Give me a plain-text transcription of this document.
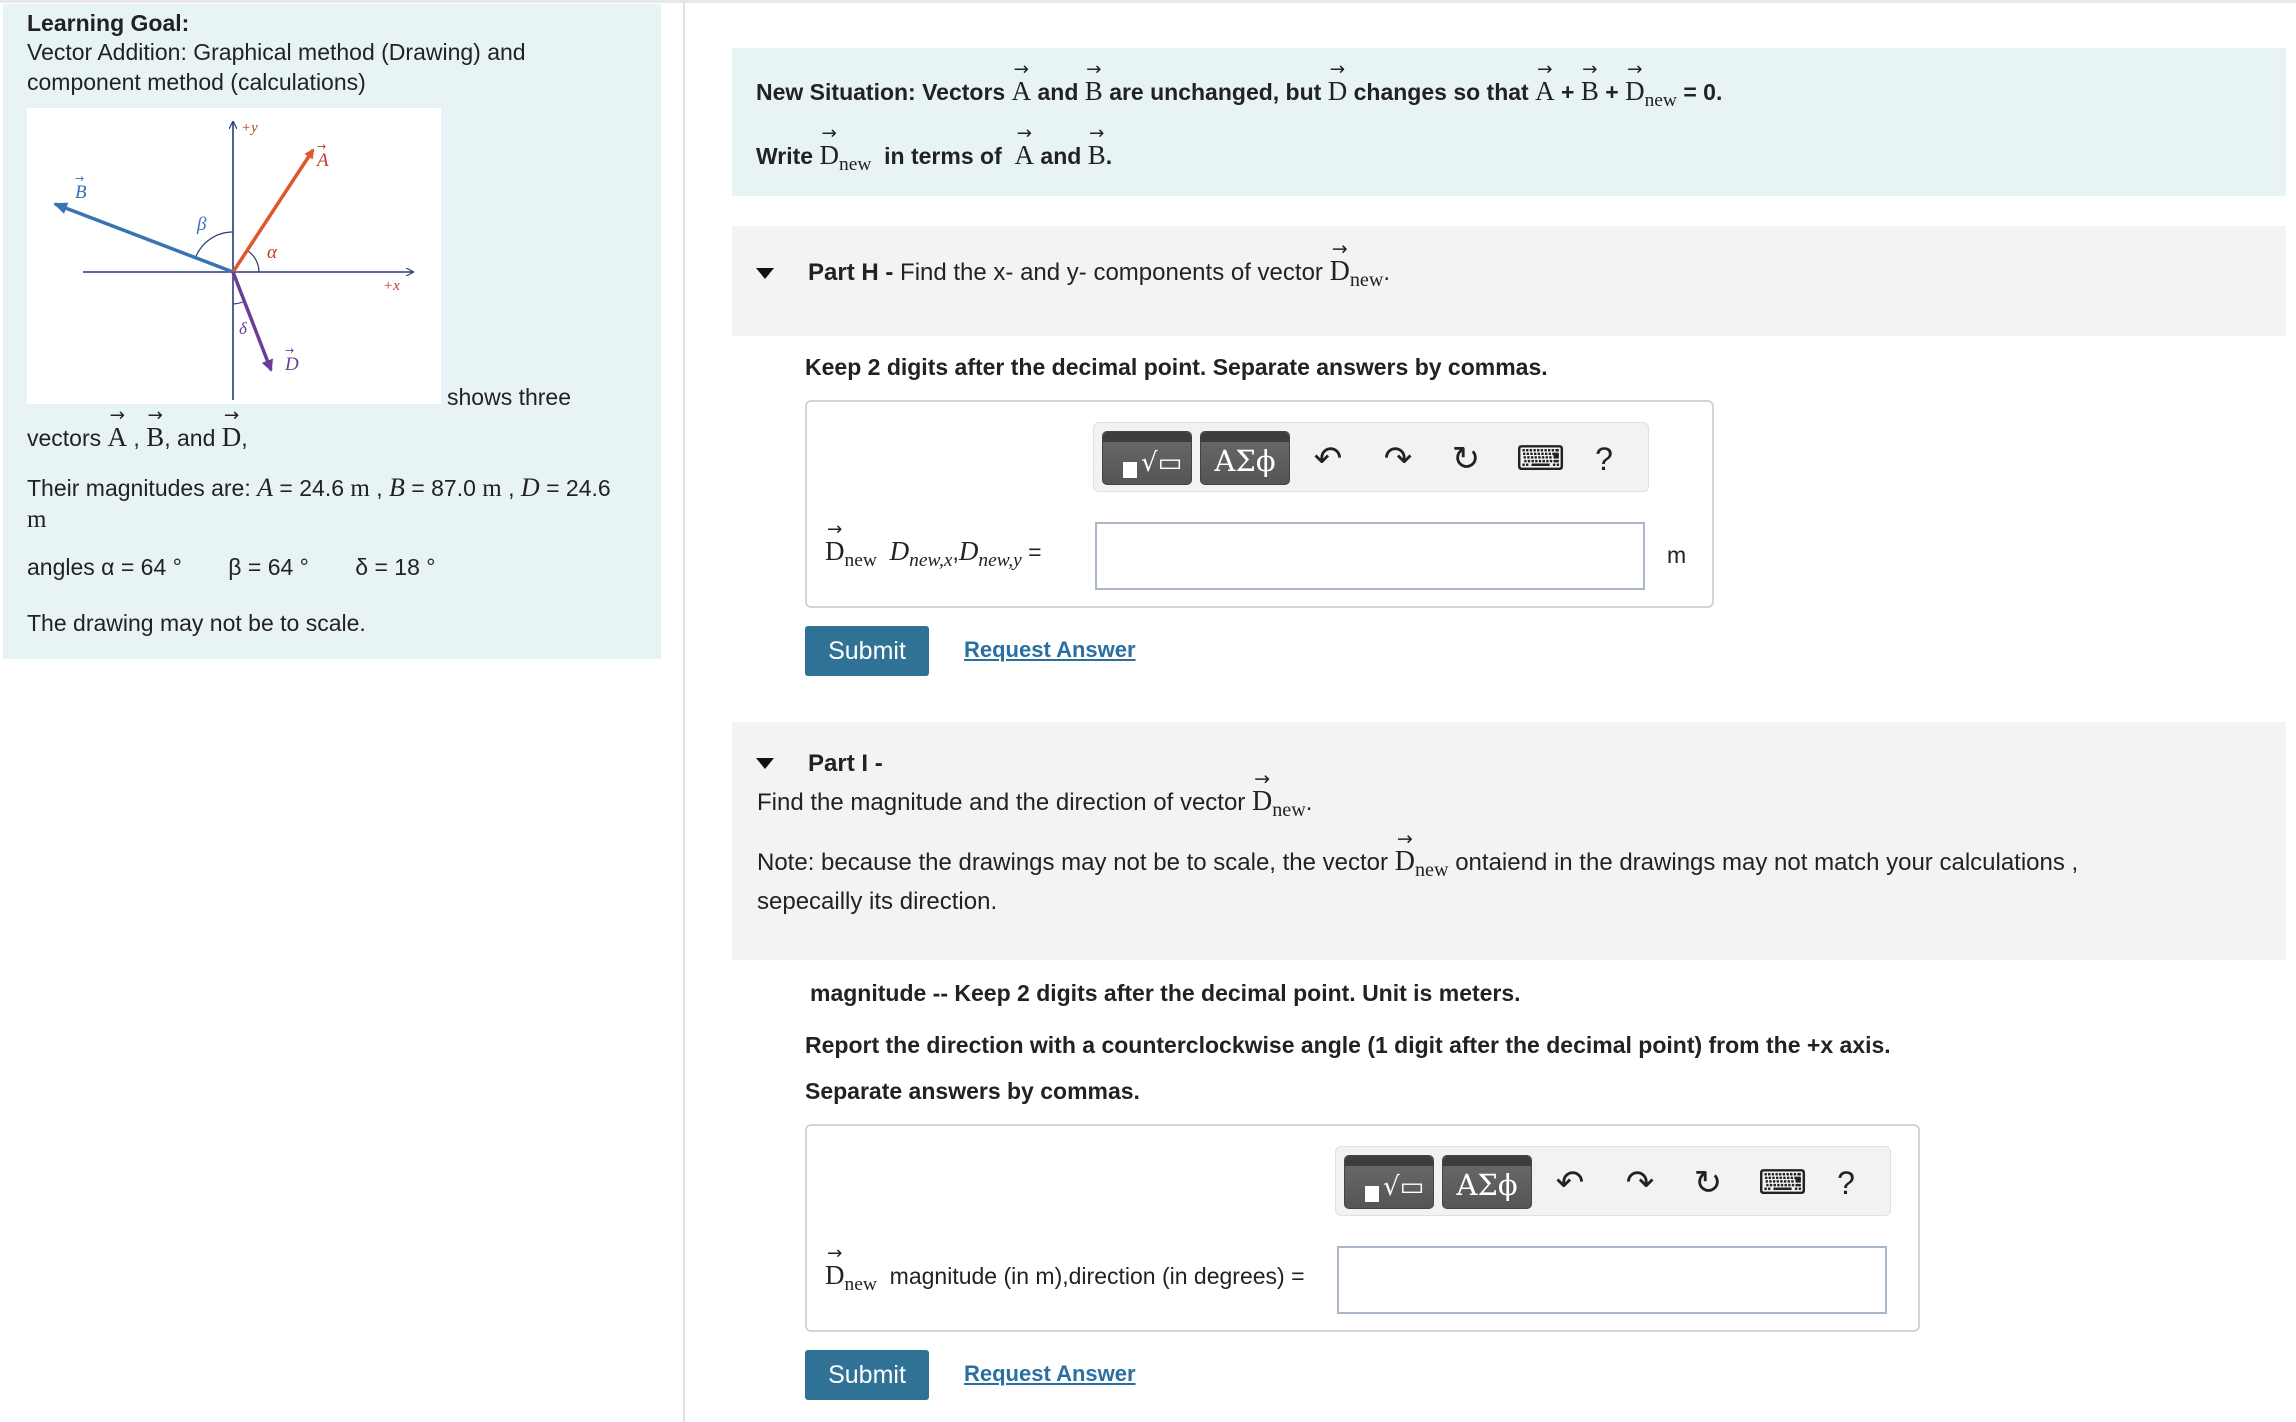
Learning Goal:
Vector Addition: Graphical method (Drawing) and component method (calculations)
+y
+x
A
→
B
→
D
→
α
β
δ
shows three
vectors → A , → B, and → D,
Their magnitudes are: A = 24.6 m , B = 87.0 m , D = 24.6 m
angles α = 64 ° β = 64 ° δ = 18 °
The drawing may not be to scale.
New Situation: Vectors → A and → B are unchanged, but → D changes so that → A + → B + → $D_{new} = 0$.
Write → $D_{new}$ in terms of → A and → B.
Part H - Find the x- and y- components of vector → $D_{new}$.
Keep 2 digits after the decimal point. Separate answers by commas.
√▭	ΑΣϕ	↶ ↷ ↻ ⌨ ?
→ $D_{new}$ $D_{new,x},D_{new,y}$ =	m
Submit	Request Answer
Part I -
Find the magnitude and the direction of vector → $D_{new}$.
Note: because the drawings may not be to scale, the vector → $D_{new}$ ontaiend in the drawings may not match your calculations , sepecailly its direction.
magnitude -- Keep 2 digits after the decimal point. Unit is meters.
Report the direction with a counterclockwise angle (1 digit after the decimal point) from the +x axis.
Separate answers by commas.
√▭	ΑΣϕ	↶ ↷ ↻ ⌨ ?
→ $D_{new}$ magnitude (in m),direction (in degrees) =
Submit	Request Answer
